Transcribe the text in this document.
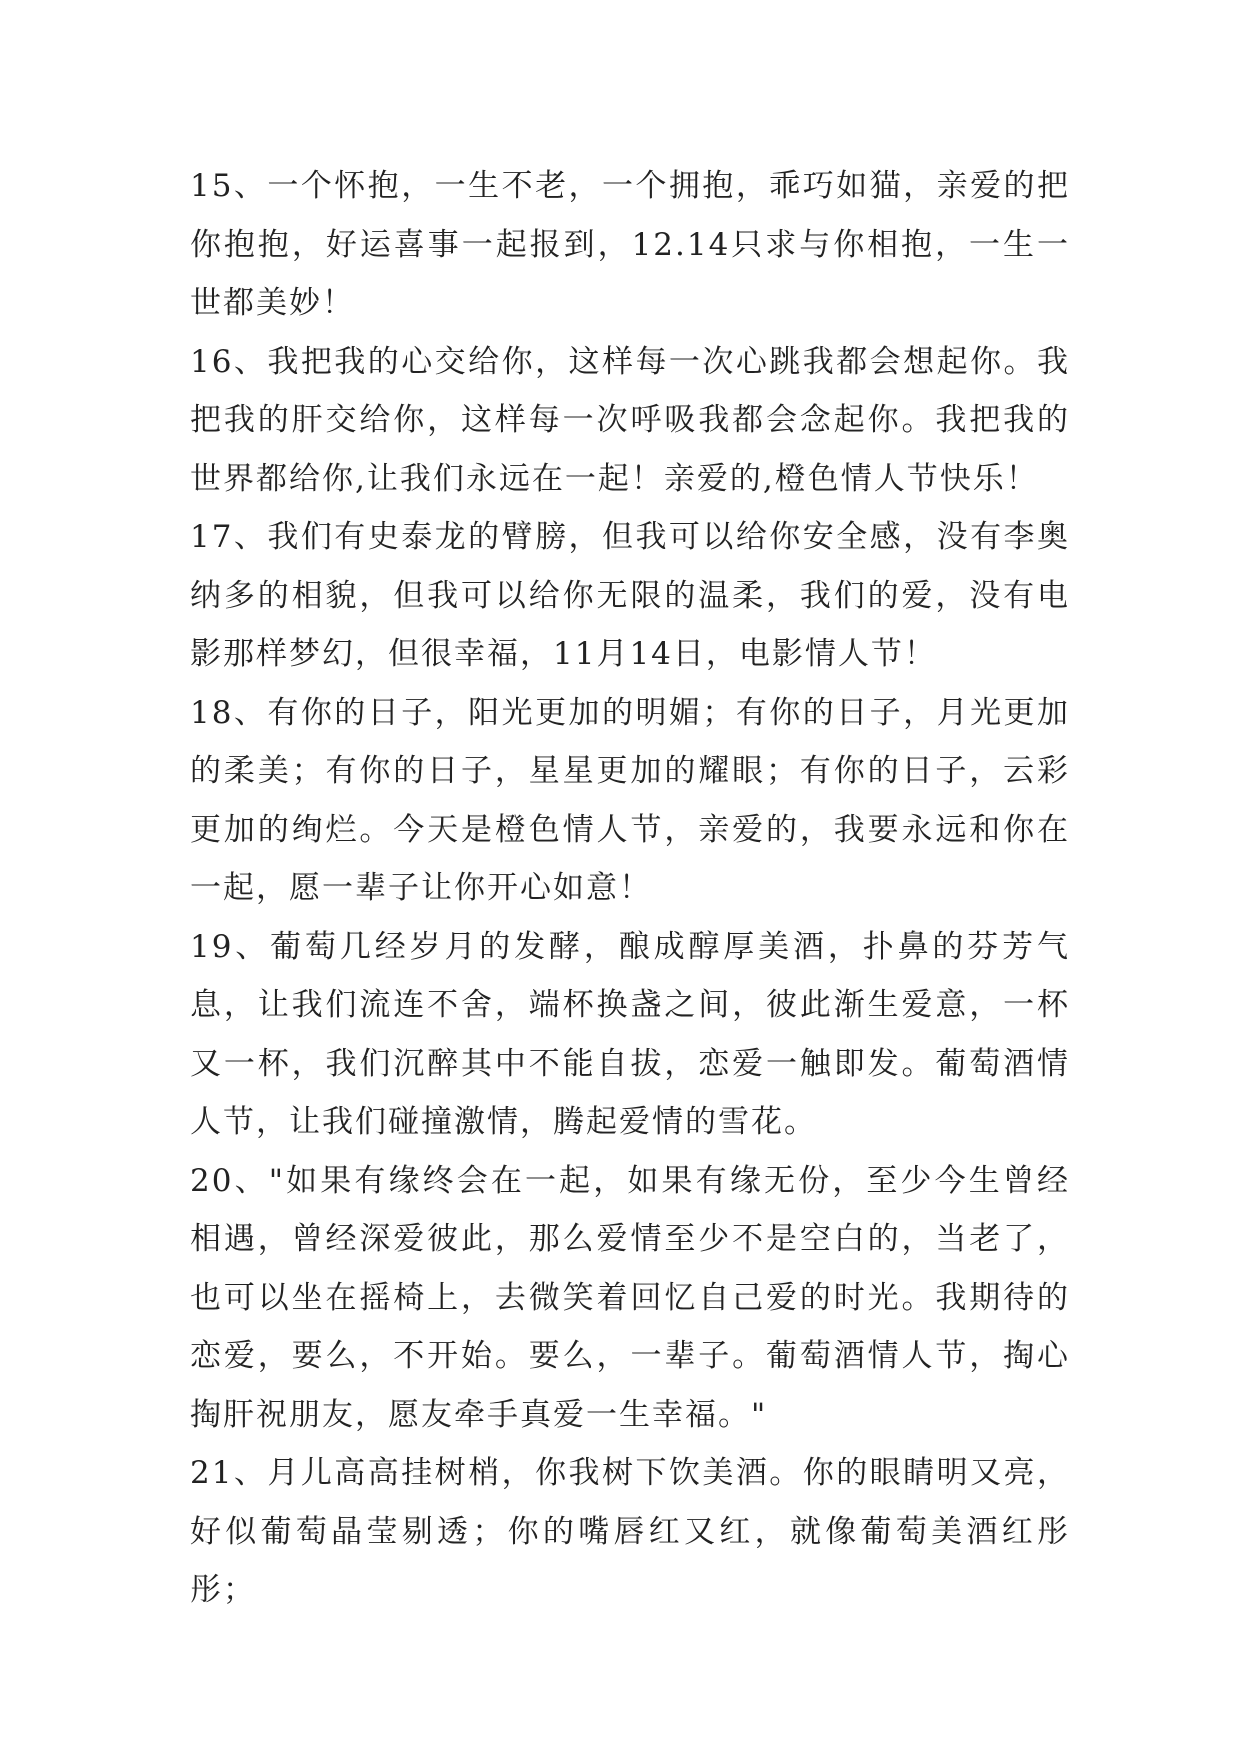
15、一个怀抱，一生不老，一个拥抱，乖巧如猫，亲爱的把你抱抱，好运喜事一起报到，12.14只求与你相抱，一生一世都美妙！

16、我把我的心交给你，这样每一次心跳我都会想起你。我把我的肝交给你，这样每一次呼吸我都会念起你。我把我的世界都给你,让我们永远在一起！亲爱的,橙色情人节快乐！

17、我们有史泰龙的臂膀，但我可以给你安全感，没有李奥纳多的相貌，但我可以给你无限的温柔，我们的爱，没有电影那样梦幻，但很幸福，11月14日，电影情人节！

18、有你的日子，阳光更加的明媚；有你的日子，月光更加的柔美；有你的日子，星星更加的耀眼；有你的日子，云彩更加的绚烂。今天是橙色情人节，亲爱的，我要永远和你在一起，愿一辈子让你开心如意！

19、葡萄几经岁月的发酵，酿成醇厚美酒，扑鼻的芬芳气息，让我们流连不舍，端杯换盏之间，彼此渐生爱意，一杯又一杯，我们沉醉其中不能自拔，恋爱一触即发。葡萄酒情人节，让我们碰撞激情，腾起爱情的雪花。

20、"如果有缘终会在一起，如果有缘无份，至少今生曾经相遇，曾经深爱彼此，那么爱情至少不是空白的，当老了，也可以坐在摇椅上，去微笑着回忆自己爱的时光。我期待的恋爱，要么，不开始。要么，一辈子。葡萄酒情人节，掏心掏肝祝朋友，愿友牵手真爱一生幸福。"

21、月儿高高挂树梢，你我树下饮美酒。你的眼睛明又亮，好似葡萄晶莹剔透；你的嘴唇红又红，就像葡萄美酒红彤彤；
